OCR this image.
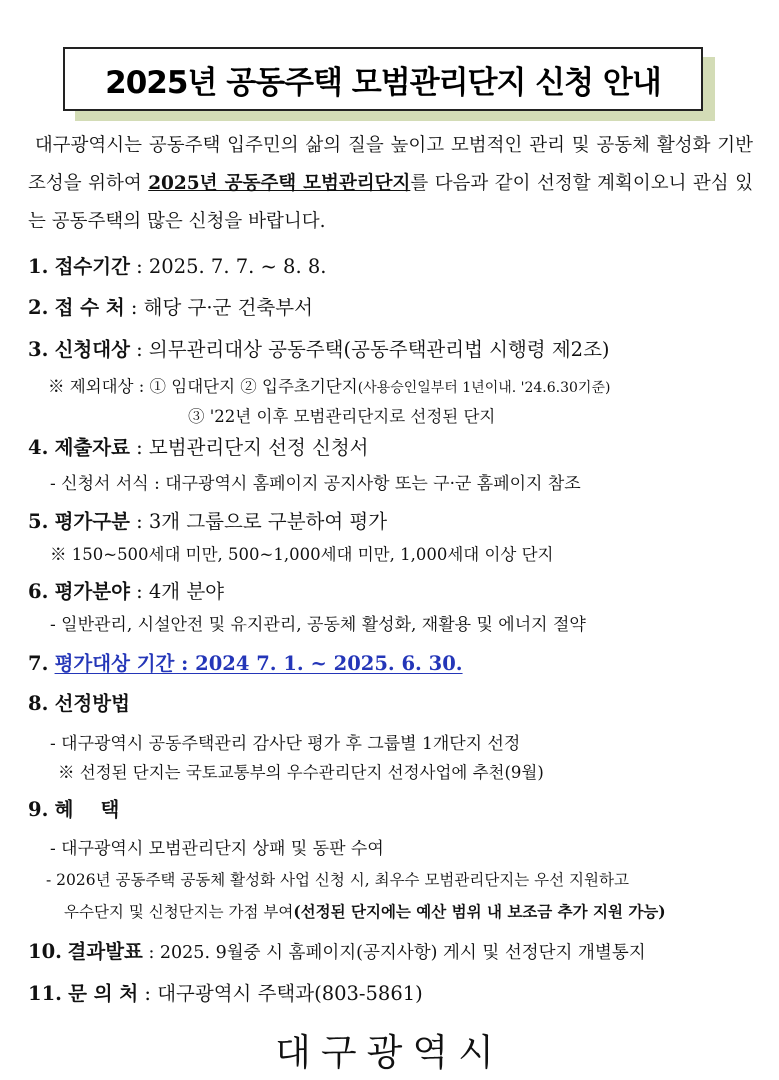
2025년 공동주택 모범관리단지 신청 안내
대구광역시는 공동주택 입주민의 삶의 질을 높이고 모범적인 관리 및 공동체 활성화 기반 조성을 위하여 2025년 공동주택 모범관리단지를 다음과 같이 선정할 계획이오니 관심 있는 공동주택의 많은 신청을 바랍니다.
1. 접수기간 : 2025. 7. 7. ~ 8. 8.
2. 접 수 처 : 해당 구·군 건축부서
3. 신청대상 : 의무관리대상 공동주택(공동주택관리법 시행령 제2조)
※ 제외대상 : ① 임대단지 ② 입주초기단지(사용승인일부터 1년이내. '24.6.30기준)
③ '22년 이후 모범관리단지로 선정된 단지
4. 제출자료 : 모범관리단지 선정 신청서
- 신청서 서식 : 대구광역시 홈페이지 공지사항 또는 구·군 홈페이지 참조
5. 평가구분 : 3개 그룹으로 구분하여 평가
※ 150~500세대 미만, 500~1,000세대 미만, 1,000세대 이상 단지
6. 평가분야 : 4개 분야
- 일반관리, 시설안전 및 유지관리, 공동체 활성화, 재활용 및 에너지 절약
7. 평가대상 기간 : 2024 7. 1. ~ 2025. 6. 30.
8. 선정방법
- 대구광역시 공동주택관리 감사단 평가 후 그룹별 1개단지 선정
※ 선정된 단지는 국토교통부의 우수관리단지 선정사업에 추천(9월)
9. 혜    택
- 대구광역시 모범관리단지 상패 및 동판 수여
- 2026년 공동주택 공동체 활성화 사업 신청 시, 최우수 모범관리단지는 우선 지원하고
우수단지 및 신청단지는 가점 부여(선정된 단지에는 예산 범위 내 보조금 추가 지원 가능)
10. 결과발표 : 2025. 9월중 시 홈페이지(공지사항) 게시 및 선정단지 개별통지
11. 문 의 처 : 대구광역시 주택과(803-5861)
대구광역시
